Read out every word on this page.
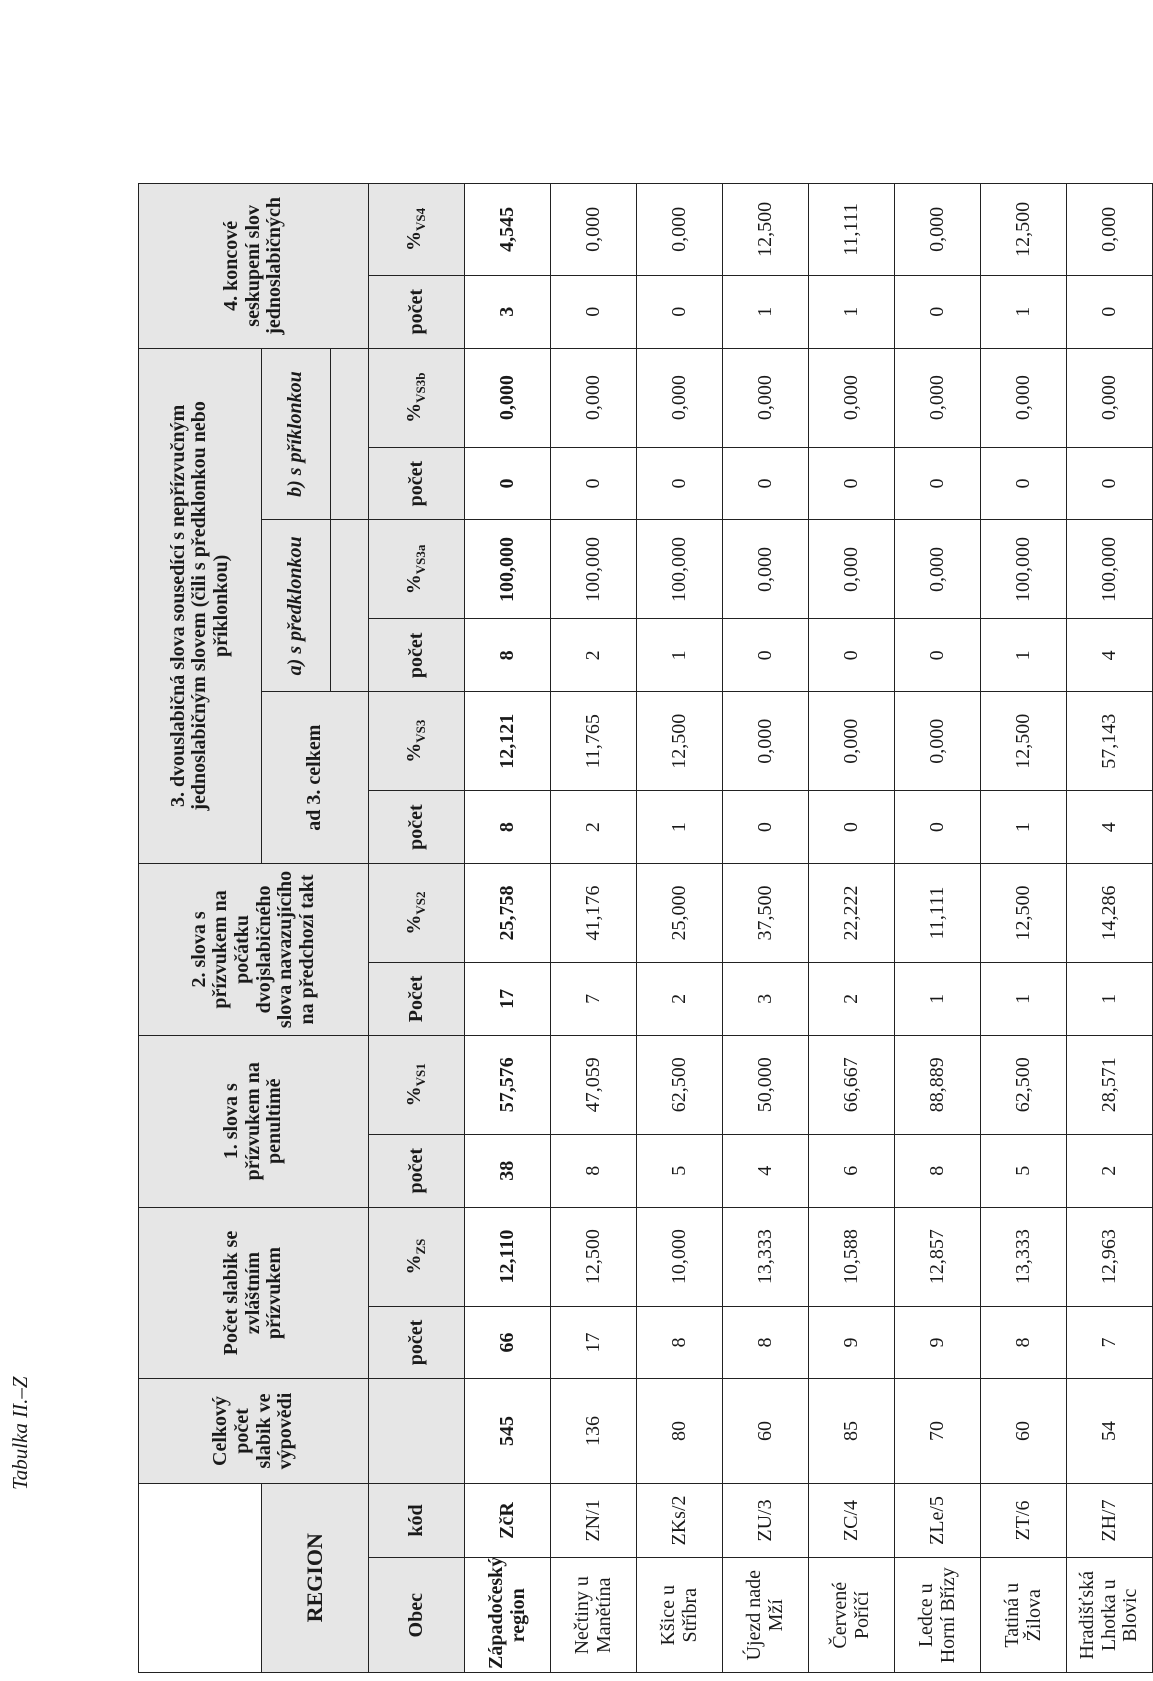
Tabulka II.–Z
		Celkový počet slabik ve výpovědi	Počet slabik se zvláštním přízvukem		1. slova s přízvukem na penultimě		2. slova s přízvukem na počátku dvojslabičného slova navazujícího na předchozí takt		3. dvouslabičná slova sousedící s nepřízvučným jednoslabičným slovem (čili s předklonkou nebo příklonkou)						4. koncové seskupení slov jednoslabičných	
REGION									ad 3. celkem		a) s předklonkou		b) s příklonkou			

Obec	kód		počet	$\%_{ZS}$	počet	$\%_{VS1}$	Počet	$\%_{VS2}$	počet	$\%_{VS3}$	počet	$\%_{VS3a}$	počet	$\%_{VS3b}$	počet	$\%_{VS4}$
Západočeský region	ZčR	545	66	12,110	38	57,576	17	25,758	8	12,121	8	100,000	0	0,000	3	4,545
Nečtiny u Manětína	ZN/1	136	17	12,500	8	47,059	7	41,176	2	11,765	2	100,000	0	0,000	0	0,000
Kšice u Stříbra	ZKs/2	80	8	10,000	5	62,500	2	25,000	1	12,500	1	100,000	0	0,000	0	0,000
Újezd nade Mží	ZU/3	60	8	13,333	4	50,000	3	37,500	0	0,000	0	0,000	0	0,000	1	12,500
Červené Poříčí	ZC/4	85	9	10,588	6	66,667	2	22,222	0	0,000	0	0,000	0	0,000	1	11,111
Ledce u Horní Břízy	ZLe/5	70	9	12,857	8	88,889	1	11,111	0	0,000	0	0,000	0	0,000	0	0,000
Tatiná u Žilova	ZT/6	60	8	13,333	5	62,500	1	12,500	1	12,500	1	100,000	0	0,000	1	12,500
Hradišťská Lhotka u Blovic	ZH/7	54	7	12,963	2	28,571	1	14,286	4	57,143	4	100,000	0	0,000	0	0,000
